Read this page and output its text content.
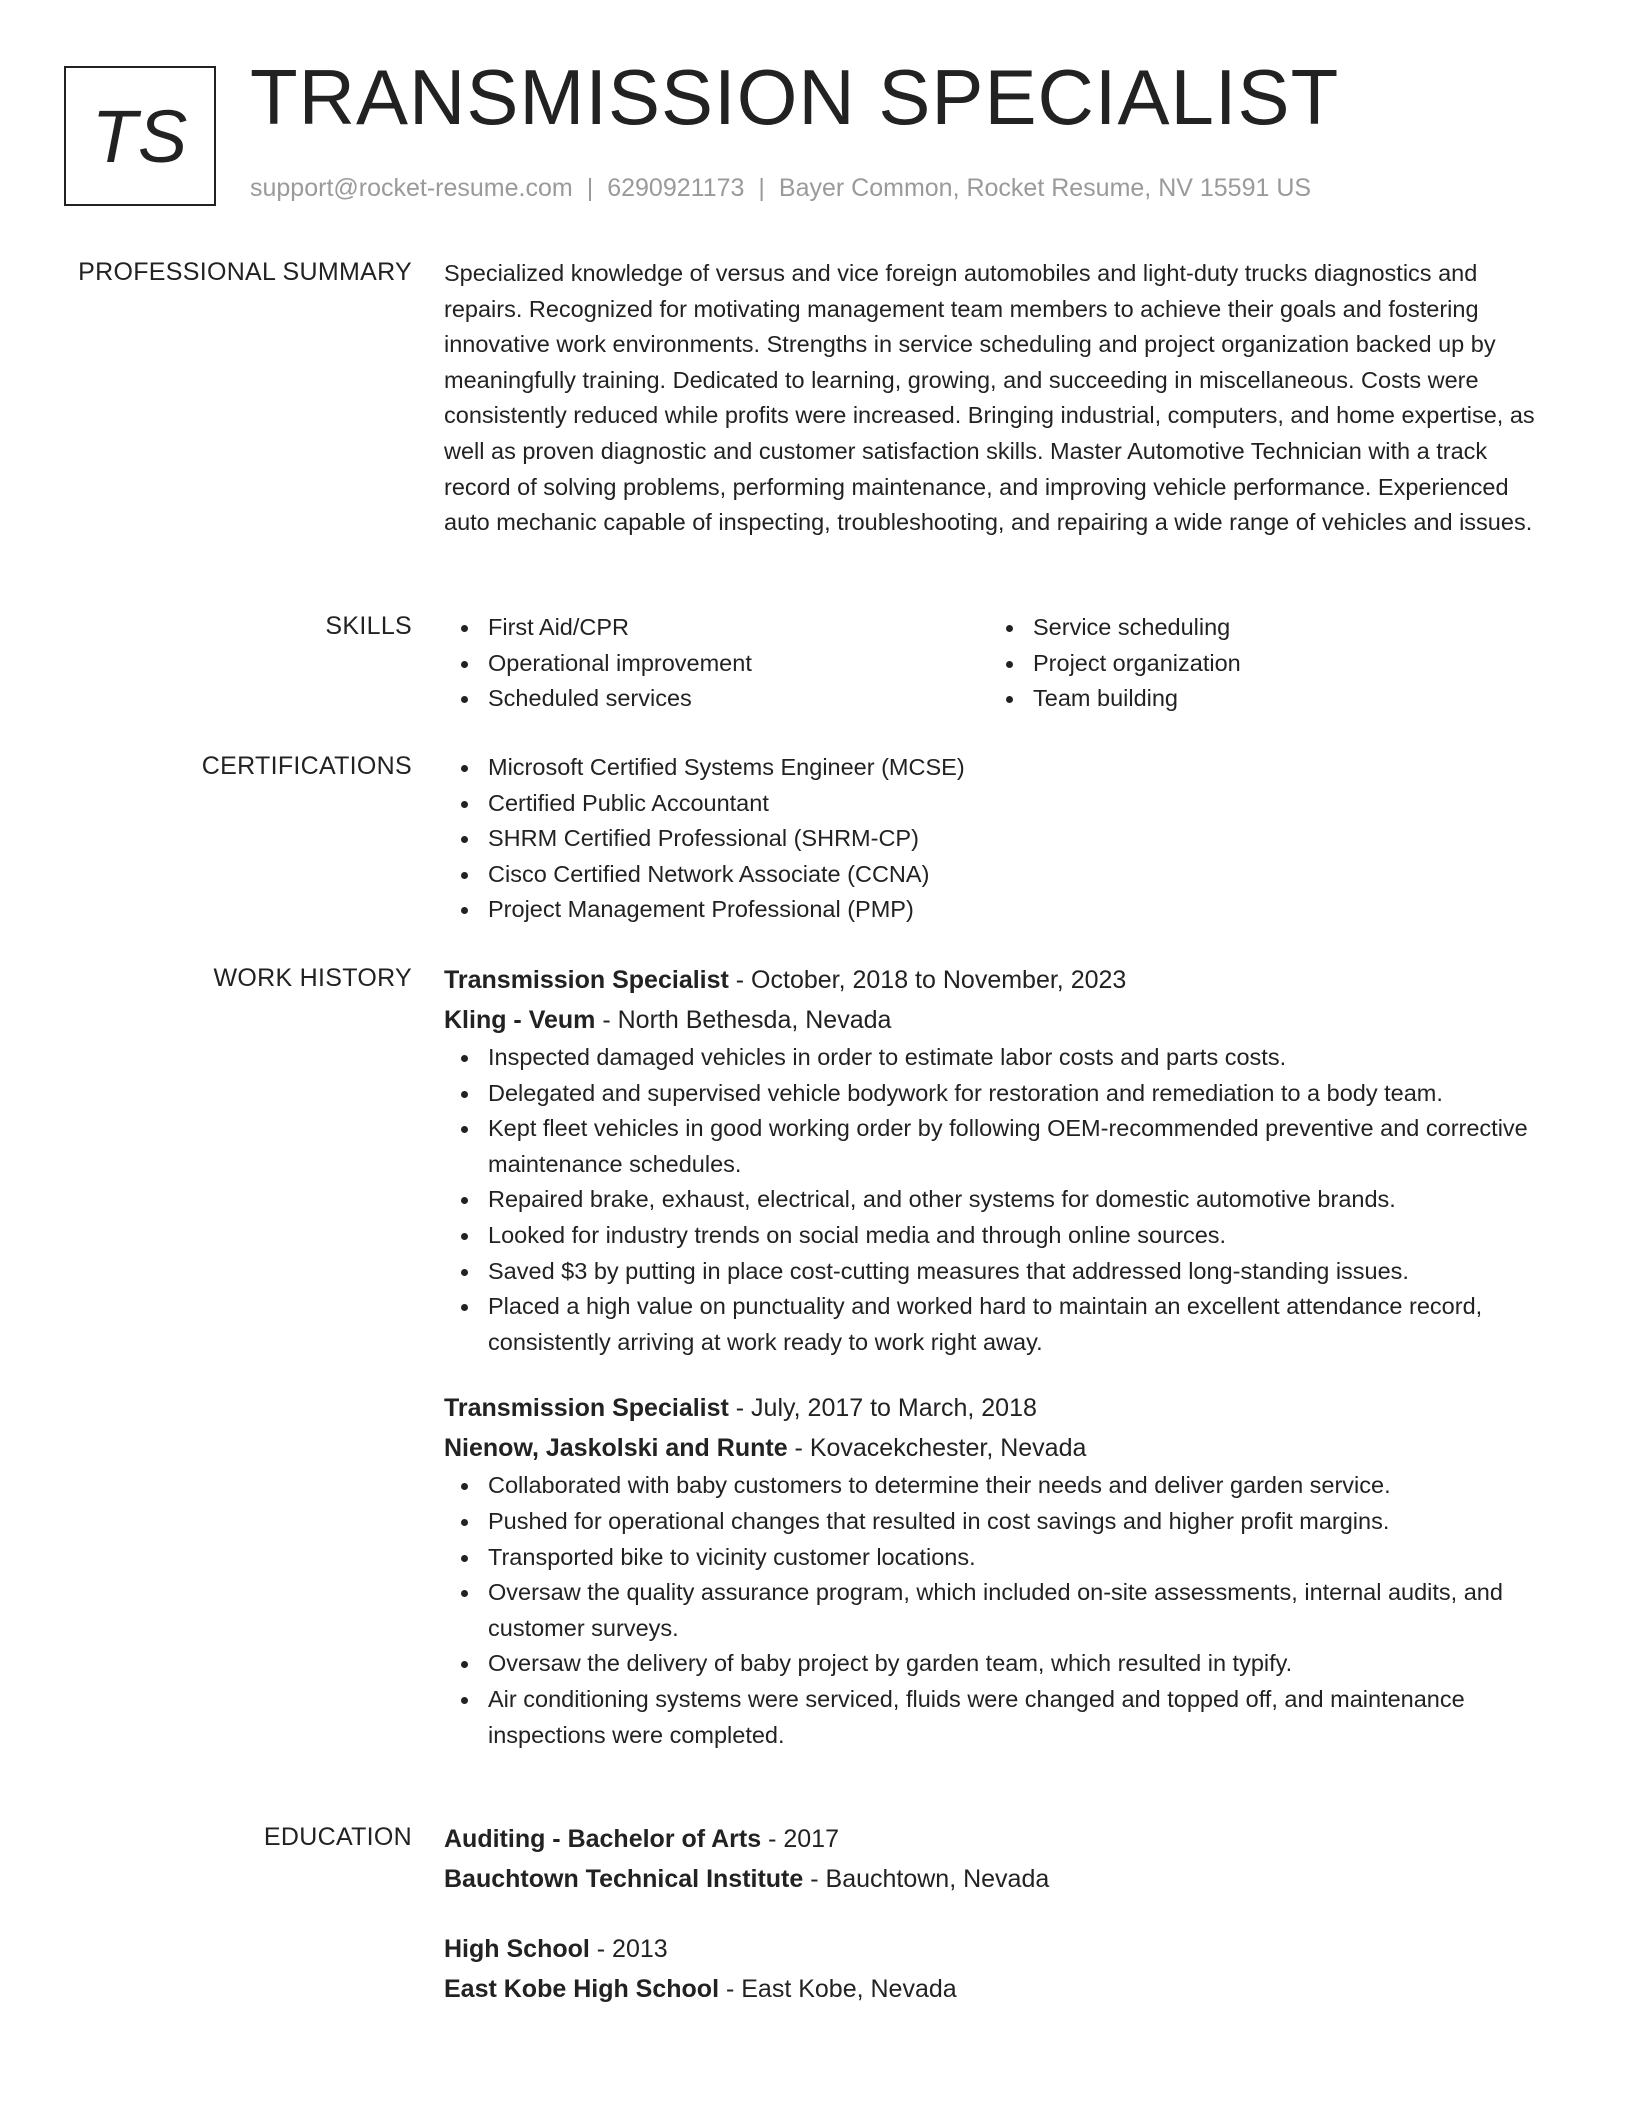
TS TRANSMISSION SPECIALIST
support@rocket-resume.com | 6290921173 | Bayer Common, Rocket Resume, NV 15591 US
PROFESSIONAL SUMMARY Specialized knowledge of versus and vice foreign automobiles and light-duty trucks diagnostics and repairs. Recognized for motivating management team members to achieve their goals and fostering innovative work environments. Strengths in service scheduling and project organization backed up by meaningfully training. Dedicated to learning, growing, and succeeding in miscellaneous. Costs were consistently reduced while profits were increased. Bringing industrial, computers, and home expertise, as well as proven diagnostic and customer satisfaction skills. Master Automotive Technician with a track record of solving problems, performing maintenance, and improving vehicle performance. Experienced auto mechanic capable of inspecting, troubleshooting, and repairing a wide range of vehicles and issues.
SKILLS	First Aid/CPR
Operational improvement
Scheduled services
Service scheduling
Project organization
Team building
CERTIFICATIONS	Microsoft Certified Systems Engineer (MCSE)
Certified Public Accountant
SHRM Certified Professional (SHRM-CP)
Cisco Certified Network Associate (CCNA)
Project Management Professional (PMP)
WORK HISTORY Transmission Specialist - October, 2018 to November, 2023
Kling - Veum - North Bethesda, Nevada
Inspected damaged vehicles in order to estimate labor costs and parts costs.
Delegated and supervised vehicle bodywork for restoration and remediation to a body team.
Kept fleet vehicles in good working order by following OEM-recommended preventive and corrective maintenance schedules.
Repaired brake, exhaust, electrical, and other systems for domestic automotive brands.
Looked for industry trends on social media and through online sources.
Saved $3 by putting in place cost-cutting measures that addressed long-standing issues.
Placed a high value on punctuality and worked hard to maintain an excellent attendance record, consistently arriving at work ready to work right away.
Transmission Specialist - July, 2017 to March, 2018
Nienow, Jaskolski and Runte - Kovacekchester, Nevada
Collaborated with baby customers to determine their needs and deliver garden service.
Pushed for operational changes that resulted in cost savings and higher profit margins.
Transported bike to vicinity customer locations.
Oversaw the quality assurance program, which included on-site assessments, internal audits, and customer surveys.
Oversaw the delivery of baby project by garden team, which resulted in typify.
Air conditioning systems were serviced, fluids were changed and topped off, and maintenance inspections were completed.
EDUCATION Auditing - Bachelor of Arts - 2017
Bauchtown Technical Institute - Bauchtown, Nevada
High School - 2013
East Kobe High School - East Kobe, Nevada
